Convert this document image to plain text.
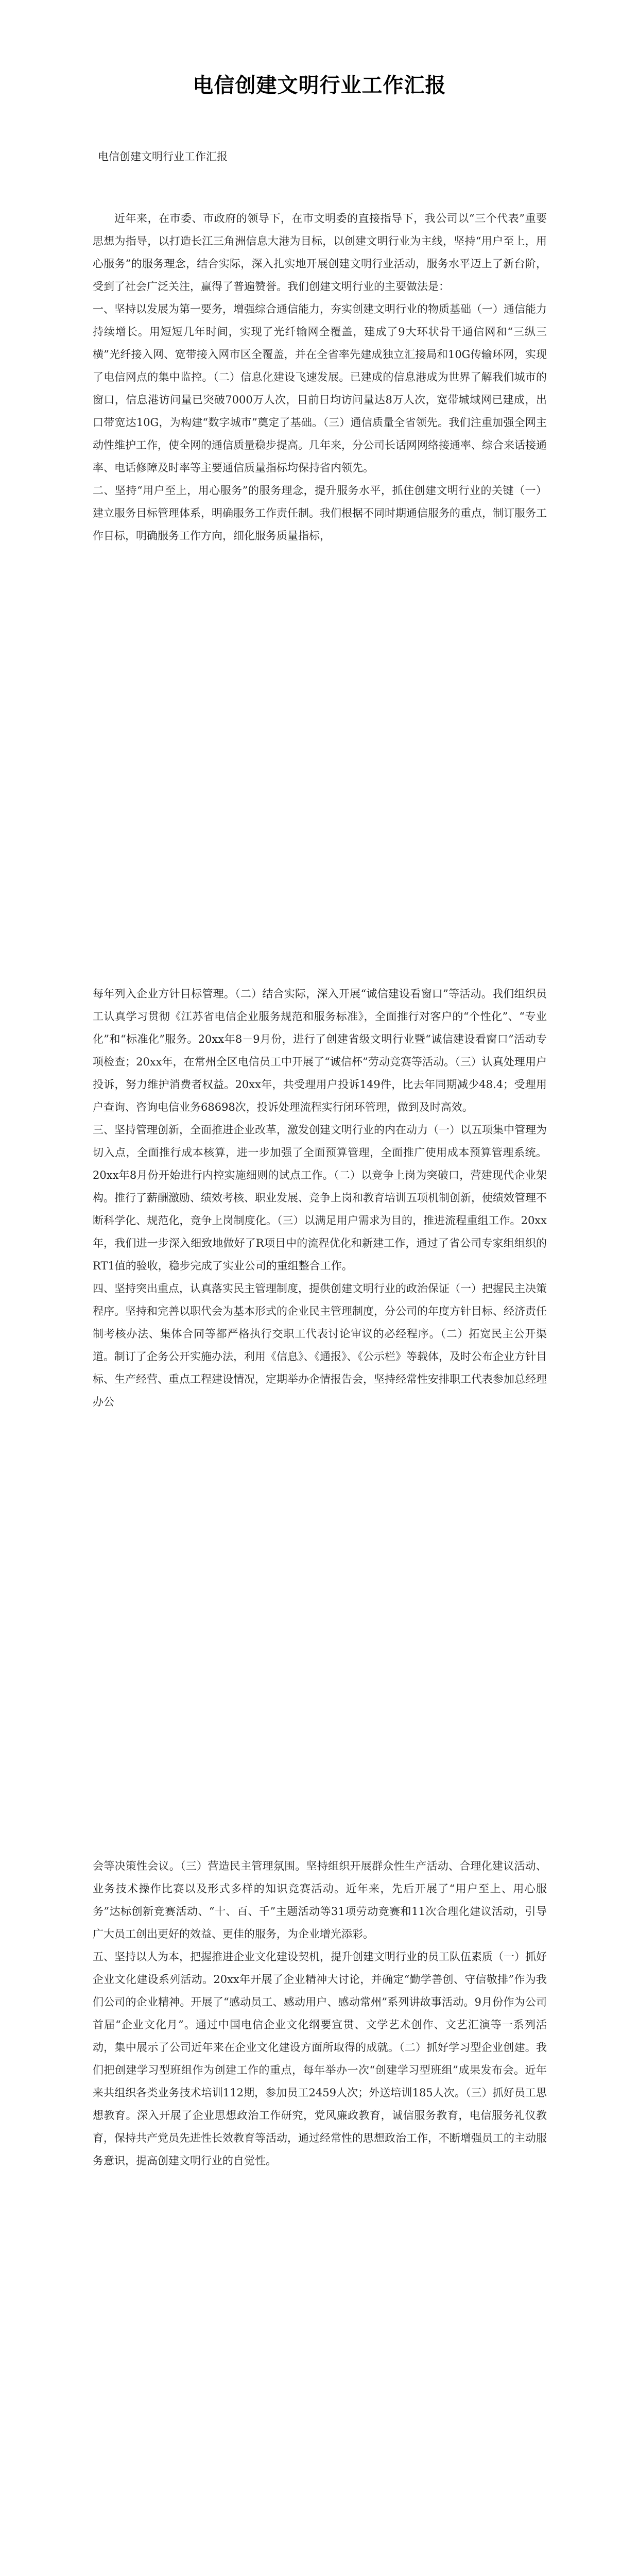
电信创建文明行业工作汇报
电信创建文明行业工作汇报

近年来，在市委、市政府的领导下，在市文明委的直接指导下，我公司以“三个代表”重要思想为指导，以打造长江三角洲信息大港为目标，以创建文明行业为主线，坚持“用户至上，用心服务”的服务理念，结合实际，深入扎实地开展创建文明行业活动，服务水平迈上了新台阶，受到了社会广泛关注，赢得了普遍赞誉。我们创建文明行业的主要做法是：

一、坚持以发展为第一要务，增强综合通信能力，夯实创建文明行业的物质基础（一）通信能力持续增长。用短短几年时间，实现了光纤输网全覆盖，建成了9大环状骨干通信网和“三纵三横”光纤接入网、宽带接入网市区全覆盖，并在全省率先建成独立汇接局和10G传输环网，实现了电信网点的集中监控。（二）信息化建设飞速发展。已建成的信息港成为世界了解我们城市的窗口，信息港访问量已突破7000万人次，目前日均访问量达8万人次，宽带城域网已建成，出口带宽达10G，为构建“数字城市”奠定了基础。（三）通信质量全省领先。我们注重加强全网主动性维护工作，使全网的通信质量稳步提高。几年来，分公司长话网网络接通率、综合来话接通率、电话修障及时率等主要通信质量指标均保持省内领先。

二、坚持“用户至上，用心服务”的服务理念，提升服务水平，抓住创建文明行业的关键（一）建立服务目标管理体系，明确服务工作责任制。我们根据不同时期通信服务的重点，制订服务工作目标，明确服务工作方向，细化服务质量指标，

每年列入企业方针目标管理。（二）结合实际，深入开展“诚信建设看窗口”等活动。我们组织员工认真学习贯彻《江苏省电信企业服务规范和服务标准》，全面推行对客户的“个性化”、“专业化”和“标准化”服务。20xx年8－9月份，进行了创建省级文明行业暨“诚信建设看窗口”活动专项检查；20xx年，在常州全区电信员工中开展了“诚信杯”劳动竞赛等活动。（三）认真处理用户投诉，努力维护消费者权益。20xx年，共受理用户投诉149件，比去年同期减少48.4；受理用户查询、咨询电信业务68698次，投诉处理流程实行闭环管理，做到及时高效。

三、坚持管理创新，全面推进企业改革，激发创建文明行业的内在动力（一）以五项集中管理为切入点，全面推行成本核算，进一步加强了全面预算管理，全面推广使用成本预算管理系统。20xx年8月份开始进行内控实施细则的试点工作。（二）以竞争上岗为突破口，营建现代企业架构。推行了薪酬激励、绩效考核、职业发展、竞争上岗和教育培训五项机制创新，使绩效管理不断科学化、规范化，竞争上岗制度化。（三）以满足用户需求为目的，推进流程重组工作。20xx年，我们进一步深入细致地做好了R项目中的流程优化和新建工作，通过了省公司专家组组织的RT1值的验收，稳步完成了实业公司的重组整合工作。

四、坚持突出重点，认真落实民主管理制度，提供创建文明行业的政治保证（一）把握民主决策程序。坚持和完善以职代会为基本形式的企业民主管理制度，分公司的年度方针目标、经济责任制考核办法、集体合同等都严格执行交职工代表讨论审议的必经程序。（二）拓宽民主公开渠道。制订了企务公开实施办法，利用《信息》、《通报》、《公示栏》等载体，及时公布企业方针目标、生产经营、重点工程建设情况，定期举办企情报告会，坚持经常性安排职工代表参加总经理办公

会等决策性会议。（三）营造民主管理氛围。坚持组织开展群众性生产活动、合理化建议活动、业务技术操作比赛以及形式多样的知识竞赛活动。近年来，先后开展了“用户至上、用心服务”达标创新竞赛活动、“十、百、千”主题活动等31项劳动竞赛和11次合理化建议活动，引导广大员工创出更好的效益、更佳的服务，为企业增光添彩。

五、坚持以人为本，把握推进企业文化建设契机，提升创建文明行业的员工队伍素质（一）抓好企业文化建设系列活动。20xx年开展了企业精神大讨论，并确定“勤学善创、守信敬排”作为我们公司的企业精神。开展了“感动员工、感动用户、感动常州”系列讲故事活动。9月份作为公司首届“企业文化月”。通过中国电信企业文化纲要宣贯、文学艺术创作、文艺汇演等一系列活动，集中展示了公司近年来在企业文化建设方面所取得的成就。（二）抓好学习型企业创建。我们把创建学习型班组作为创建工作的重点，每年举办一次“创建学习型班组”成果发布会。近年来共组织各类业务技术培训112期，参加员工2459人次；外送培训185人次。（三）抓好员工思想教育。深入开展了企业思想政治工作研究，党风廉政教育，诚信服务教育，电信服务礼仪教育，保持共产党员先进性长效教育等活动，通过经常性的思想政治工作，不断增强员工的主动服务意识，提高创建文明行业的自觉性。
